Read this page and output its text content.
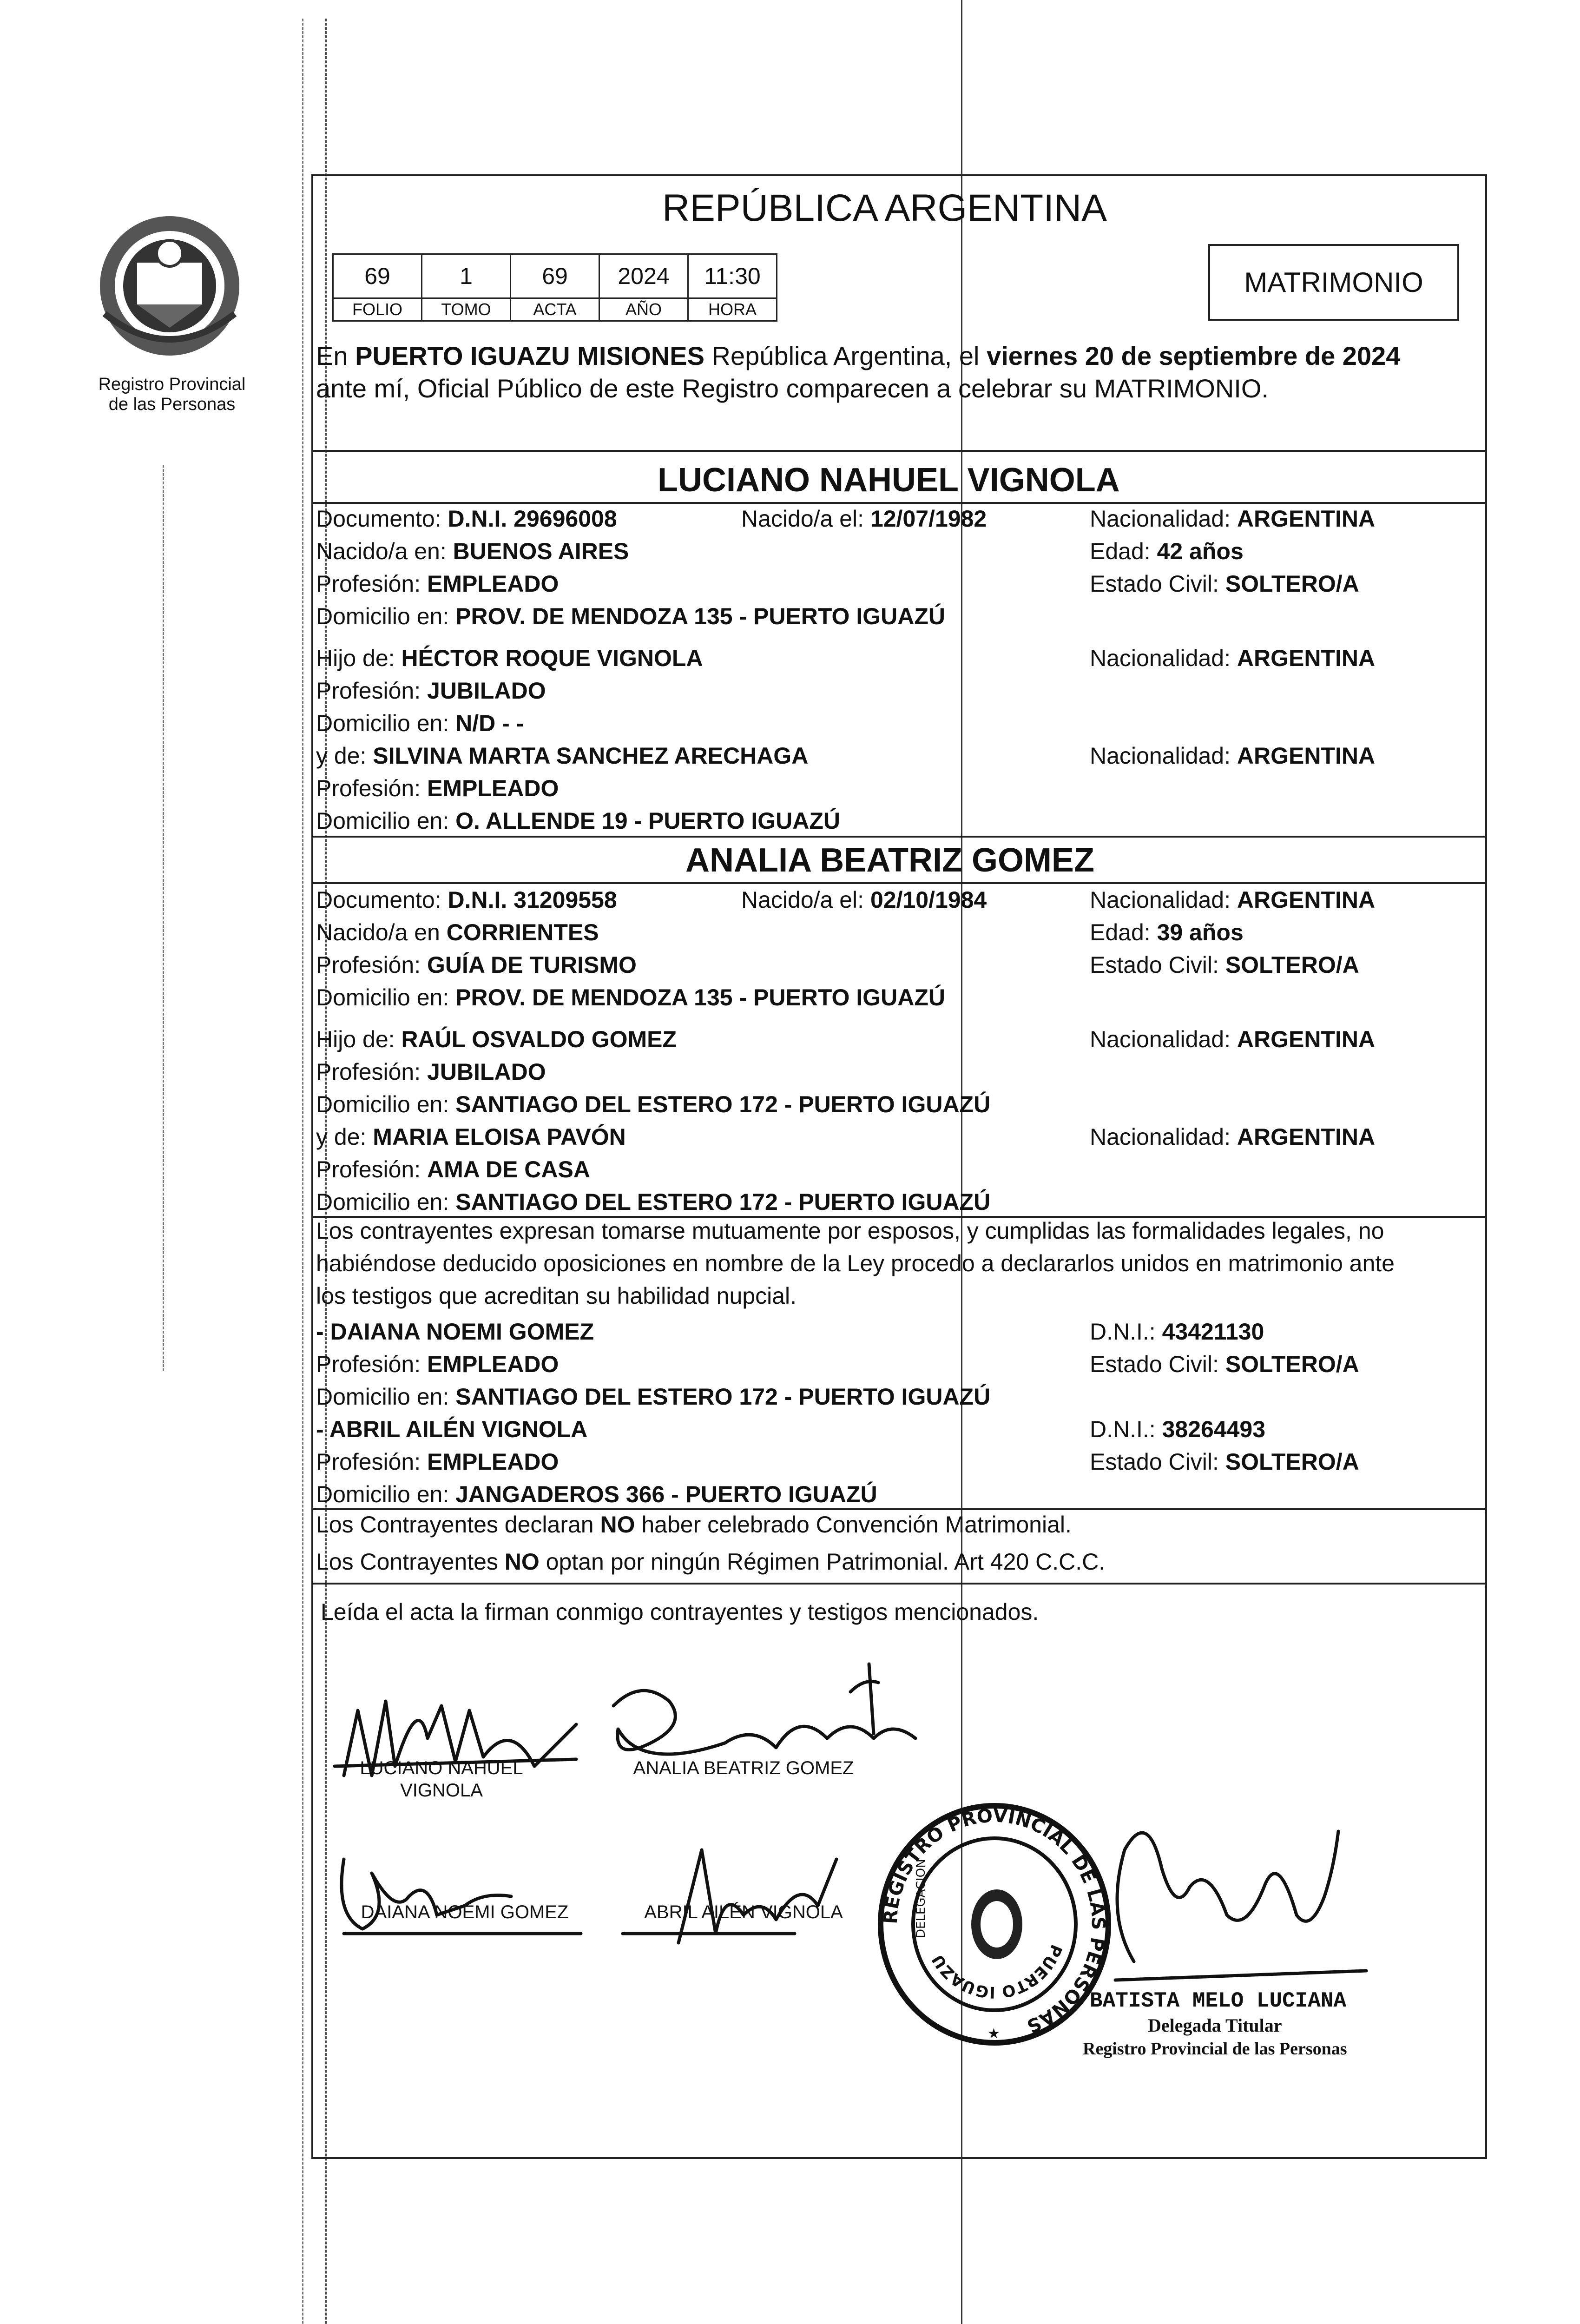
Registro Provincial
de las Personas
REPÚBLICA ARGENTINA
69	1	69	2024	11:30
FOLIO	TOMO	ACTA	AÑO	HORA
MATRIMONIO
En PUERTO IGUAZU MISIONES República Argentina, el viernes 20 de septiembre de 2024
ante mí, Oficial Público de este Registro comparecen a celebrar su MATRIMONIO.
LUCIANO NAHUEL VIGNOLA
Documento: D.N.I. 29696008	Nacido/a el: 12/07/1982	Nacionalidad: ARGENTINA
Nacido/a en: BUENOS AIRES	Edad: 42 años
Profesión: EMPLEADO	Estado Civil: SOLTERO/A
Domicilio en: PROV. DE MENDOZA 135 - PUERTO IGUAZÚ
Hijo de: HÉCTOR ROQUE VIGNOLA	Nacionalidad: ARGENTINA
Profesión: JUBILADO
Domicilio en: N/D - -
y de: SILVINA MARTA SANCHEZ ARECHAGA	Nacionalidad: ARGENTINA
Profesión: EMPLEADO
Domicilio en: O. ALLENDE 19 - PUERTO IGUAZÚ
ANALIA BEATRIZ GOMEZ
Documento: D.N.I. 31209558	Nacido/a el: 02/10/1984	Nacionalidad: ARGENTINA
Nacido/a en CORRIENTES	Edad: 39 años
Profesión: GUÍA DE TURISMO	Estado Civil: SOLTERO/A
Domicilio en: PROV. DE MENDOZA 135 - PUERTO IGUAZÚ
Hijo de: RAÚL OSVALDO GOMEZ	Nacionalidad: ARGENTINA
Profesión: JUBILADO
Domicilio en: SANTIAGO DEL ESTERO 172 - PUERTO IGUAZÚ
y de: MARIA ELOISA PAVÓN	Nacionalidad: ARGENTINA
Profesión: AMA DE CASA
Domicilio en: SANTIAGO DEL ESTERO 172 - PUERTO IGUAZÚ
Los contrayentes expresan tomarse mutuamente por esposos, y cumplidas las formalidades legales, no
habiéndose deducido oposiciones en nombre de la Ley procedo a declararlos unidos en matrimonio ante
los testigos que acreditan su habilidad nupcial.
- DAIANA NOEMI GOMEZ	D.N.I.: 43421130
Profesión: EMPLEADO	Estado Civil: SOLTERO/A
Domicilio en: SANTIAGO DEL ESTERO 172 - PUERTO IGUAZÚ
- ABRIL AILÉN VIGNOLA	D.N.I.: 38264493
Profesión: EMPLEADO	Estado Civil: SOLTERO/A
Domicilio en: JANGADEROS 366 - PUERTO IGUAZÚ
Los Contrayentes declaran NO haber celebrado Convención Matrimonial.
Los Contrayentes NO optan por ningún Régimen Patrimonial. Art 420 C.C.C.
Leída el acta la firman conmigo contrayentes y testigos mencionados.
LUCIANO NAHUEL
VIGNOLA
ANALIA BEATRIZ GOMEZ
DAIANA NOEMI GOMEZ	ABRIL AILÉN VIGNOLA	REGISTRO PROVINCIAL DE LAS PERSONAS
PUERTO IGUAZU
DELEGACION
★
BATISTA MELO LUCIANA
Delegada Titular
Registro Provincial de las Personas
